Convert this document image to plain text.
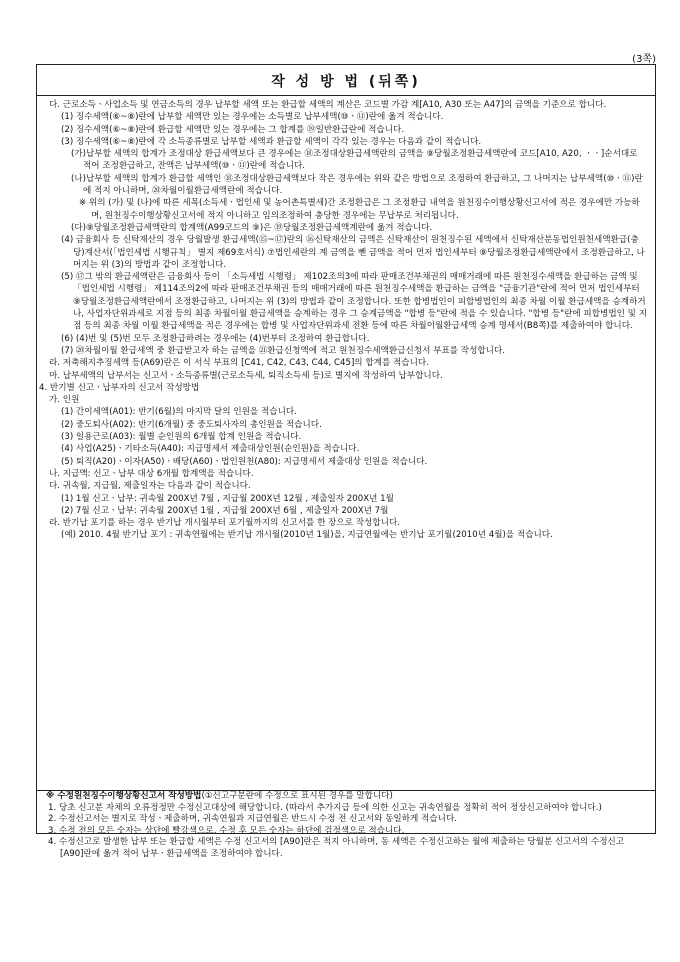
(3쪽)
작 성 방 법 (뒤쪽)
다. 근로소득ㆍ사업소득 및 연금소득의 경우 납부할 세액 또는 환급할 세액의 계산은 코드별 가감 계[A10, A30 또는 A47]의 금액을 기준으로 합니다.
(1) 징수세액(⑥~⑧)란에 납부할 세액만 있는 경우에는 소득별로 납부세액(⑩ㆍ⑪)란에 옮겨 적습니다.
(2) 징수세액(⑥~⑧)란에 환급할 세액만 있는 경우에는 그 합계를 ⑲일반환급란에 적습니다.
(3) 징수세액(⑥~⑧)란에 각 소득종류별로 납부할 세액과 환급할 세액이 각각 있는 경우는 다음과 같이 적습니다.
(가)납부할 세액의 합계가 조정대상 환급세액보다 큰 경우에는 ⑱조정대상환급세액란의 금액을 ⑨당월조정환급세액란에 코드[A10, A20, ㆍㆍ]순서대로 적어 조정환급하고, 잔액은 납부세액(⑩ㆍ⑪)란에 적습니다.
(나)납부할 세액의 합계가 환급할 세액인 ⑱조정대상환급세액보다 작은 경우에는 위와 같은 방법으로 조정하여 환급하고, 그 나머지는 납부세액(⑩ㆍ⑪)란에 적지 아니하며, ⑳차월이월환급세액란에 적습니다.
※ 위의 (가) 및 (나)에 따른 세목(소득세ㆍ법인세 및 농어촌특별세)간 조정환급은 그 조정환급 내역을 원천징수이행상황신고서에 적은 경우에만 가능하며, 원천징수이행상황신고서에 적지 아니하고 임의조정하여 충당한 경우에는 무납부로 처리됩니다.
(다)⑨당월조정환급세액란의 합계액(A99코드의 ⑨)은 ⑲당월조정환급세액계란에 옮겨 적습니다.
(4) 금융회사 등 신탁재산의 경우 당월발생 환급세액(⑮~⑰)란의 ⑯신탁재산의 금액은 신탁재산이 원천징수된 세액에서 신탁재산분동법인원천세액환급(충당)계산서(「법인세법 시행규칙」 별지 제69호서식) ⑦법인세란의 계 금액을 뺀 금액을 적어 먼저 법인세부터 ⑨당월조정환급세액란에서 조정환급하고, 나머지는 위 (3)의 방법과 같이 조정합니다.
(5) ⑰그 밖의 환급세액란은 금융회사 등이 「소득세법 시행령」 제102조의3에 따라 판매조건부채권의 매매거래에 따른 원천징수세액을 환급하는 금액 및 「법인세법 시행령」 제114조의2에 따라 판매조건부채권 등의 매매거래에 따른 원천징수세액을 환급하는 금액을 "금융기관"란에 적어 먼저 법인세부터 ⑨당월조정환급세액란에서 조정환급하고, 나머지는 위 (3)의 방법과 같이 조정합니다. 또한 합병법인이 피합병법인의 최종 차월 이월 환급세액을 승계하거나, 사업자단위과세로 지점 등의 최종 차월이월 환급세액을 승계하는 경우 그 승계금액을 "합병 등"란에 적을 수 있습니다. "합병 등"란에 피합병법인 및 지점 등의 최종 차월 이월 환급세액을 적은 경우에는 합병 및 사업자단위과세 전환 등에 따른 차월이월환급세액 승계 명세서(B8쪽)를 제출하여야 합니다.
(6) (4)번 및 (5)번 모두 조정환급하려는 경우에는 (4)번부터 조정하여 환급합니다.
(7) ⑳차월이월 환급세액 중 환급받고자 하는 금액을 ㉑환급신청액에 적고 원천징수세액환급신청서 부표를 작성합니다.
라. 저축해지추징세액 등(A69)란은 이 서식 부표의 [C41, C42, C43, C44, C45]의 합계를 적습니다.
마. 납부세액의 납부서는 신고서ㆍ소득종류별(근로소득세, 퇴직소득세 등)로 별지에 작성하여 납부합니다.
4. 반기별 신고ㆍ납부자의 신고서 작성방법
가. 인원
(1) 간이세액(A01): 반기(6월)의 마지막 달의 인원을 적습니다.
(2) 중도퇴사(A02): 반기(6개월) 중 중도퇴사자의 총인원을 적습니다.
(3) 일용근로(A03): 월별 순인원의 6개월 합계 인원을 적습니다.
(4) 사업(A25)ㆍ기타소득(A40): 지급명세서 제출대상인원(순인원)을 적습니다.
(5) 퇴직(A20)ㆍ이자(A50)ㆍ배당(A60)ㆍ법인원천(A80): 지급명세서 제출대상 인원을 적습니다.
나. 지급액: 신고ㆍ납부 대상 6개월 합계액을 적습니다.
다. 귀속월, 지급월, 제출일자는 다음과 같이 적습니다.
(1) 1월 신고ㆍ납부: 귀속월 200X년 7월 , 지급월 200X년 12월 , 제출일자 200X년 1월
(2) 7월 신고ㆍ납부: 귀속월 200X년 1월 , 지급월 200X년 6월 , 제출일자 200X년 7월
라. 반기납 포기를 하는 경우 반기납 개시월부터 포기월까지의 신고서를 한 장으로 작성합니다.
(예) 2010. 4월 반기납 포기 : 귀속연월에는 반기납 개시월(2010년 1월)을, 지급연월에는 반기납 포기월(2010년 4월)을 적습니다.
※ 수정원천징수이행상황신고서 작성방법(①신고구분란에 수정으로 표시된 경우를 말합니다)
1. 당초 신고분 자체의 오류정정만 수정신고대상에 해당합니다. (따라서 추가지급 등에 의한 신고는 귀속연월을 정확히 적어 정상신고하여야 합니다.)
2. 수정신고서는 별지로 작성ㆍ제출하며, 귀속연월과 지급연월은 반드시 수정 전 신고서와 동일하게 적습니다.
3. 수정 전의 모든 숫자는 상단에 빨강색으로, 수정 후 모든 숫자는 하단에 검정색으로 적습니다.
4. 수정신고로 발생한 납부 또는 환급할 세액은 수정 신고서의 [A90]란은 적지 아니하며, 동 세액은 수정신고하는 월에 제출하는 당월분 신고서의 수정신고 [A90]란에 옮겨 적어 납부ㆍ환급세액을 조정하여야 합니다.
